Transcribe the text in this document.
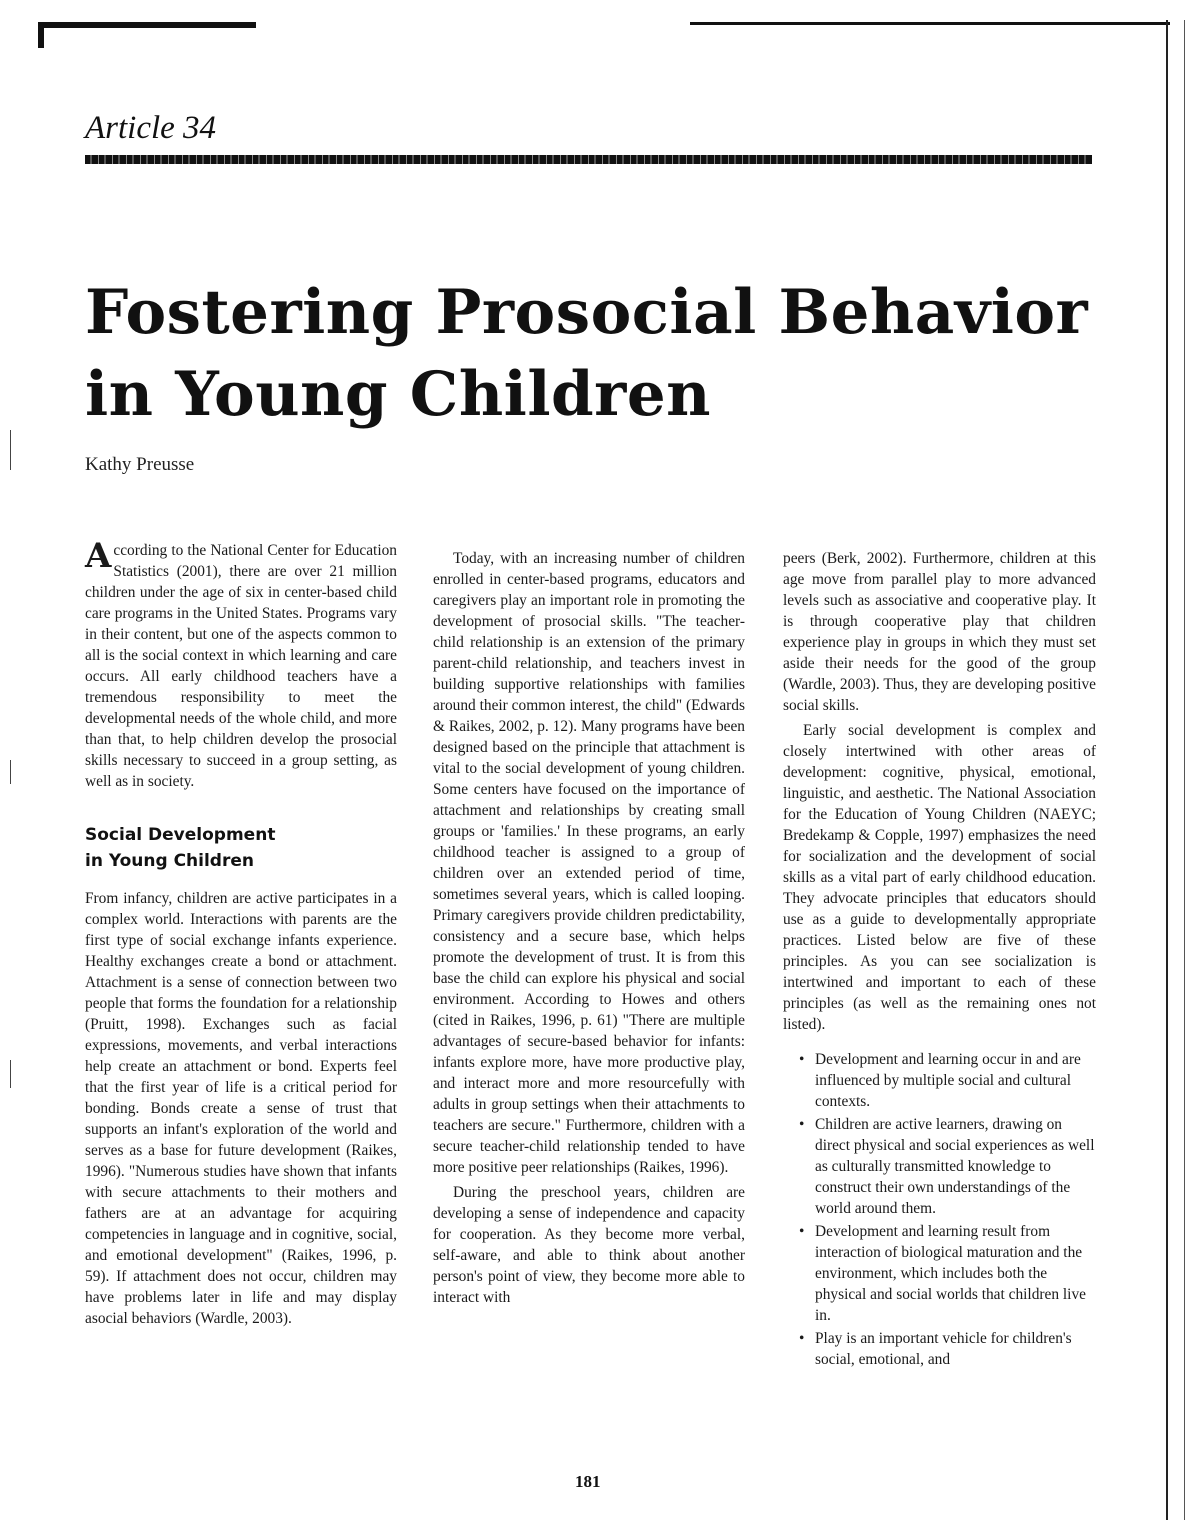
Article 34
Fostering Prosocial Behavior
in Young Children
Kathy Preusse

According to the National Center for Education Statistics (2001), there are over 21 million children under the age of six in center-based child care programs in the United States. Programs vary in their content, but one of the aspects common to all is the social context in which learning and care occurs. All early childhood teachers have a tremendous responsibility to meet the developmental needs of the whole child, and more than that, to help children develop the prosocial skills necessary to succeed in a group setting, as well as in society.

Social Development
in Young Children

From infancy, children are active participates in a complex world. Interactions with parents are the first type of social exchange infants experience. Healthy exchanges create a bond or attachment. Attachment is a sense of connection between two people that forms the foundation for a relationship (Pruitt, 1998). Exchanges such as facial expressions, movements, and verbal interactions help create an attachment or bond. Experts feel that the first year of life is a critical period for bonding. Bonds create a sense of trust that supports an infant's exploration of the world and serves as a base for future development (Raikes, 1996). "Numerous studies have shown that infants with secure attachments to their mothers and fathers are at an advantage for acquiring competencies in language and in cognitive, social, and emotional development" (Raikes, 1996, p. 59). If attachment does not occur, children may have problems later in life and may display asocial behaviors (Wardle, 2003).

Today, with an increasing number of children enrolled in center-based programs, educators and caregivers play an important role in promoting the development of prosocial skills. "The teacher-child relationship is an extension of the primary parent-child relationship, and teachers invest in building supportive relationships with families around their common interest, the child" (Edwards & Raikes, 2002, p. 12). Many programs have been designed based on the principle that attachment is vital to the social development of young children. Some centers have focused on the importance of attachment and relationships by creating small groups or 'families.' In these programs, an early childhood teacher is assigned to a group of children over an extended period of time, sometimes several years, which is called looping. Primary caregivers provide children predictability, consistency and a secure base, which helps promote the development of trust. It is from this base the child can explore his physical and social environment. According to Howes and others (cited in Raikes, 1996, p. 61) "There are multiple advantages of secure-based behavior for infants: infants explore more, have more productive play, and interact more and more resourcefully with adults in group settings when their attachments to teachers are secure." Furthermore, children with a secure teacher-child relationship tended to have more positive peer relationships (Raikes, 1996).

During the preschool years, children are developing a sense of independence and capacity for cooperation. As they become more verbal, self-aware, and able to think about another person's point of view, they become more able to interact with

peers (Berk, 2002). Furthermore, children at this age move from parallel play to more advanced levels such as associative and cooperative play. It is through cooperative play that children experience play in groups in which they must set aside their needs for the good of the group (Wardle, 2003). Thus, they are developing positive social skills.

Early social development is complex and closely intertwined with other areas of development: cognitive, physical, emotional, linguistic, and aesthetic. The National Association for the Education of Young Children (NAEYC; Bredekamp & Copple, 1997) emphasizes the need for socialization and the development of social skills as a vital part of early childhood education. They advocate principles that educators should use as a guide to developmentally appropriate practices. Listed below are five of these principles. As you can see socialization is intertwined and important to each of these principles (as well as the remaining ones not listed).

• Development and learning occur in and are influenced by multiple social and cultural contexts.
• Children are active learners, drawing on direct physical and social experiences as well as culturally transmitted knowledge to construct their own understandings of the world around them.
• Development and learning result from interaction of biological maturation and the environment, which includes both the physical and social worlds that children live in.
• Play is an important vehicle for children's social, emotional, and
181
